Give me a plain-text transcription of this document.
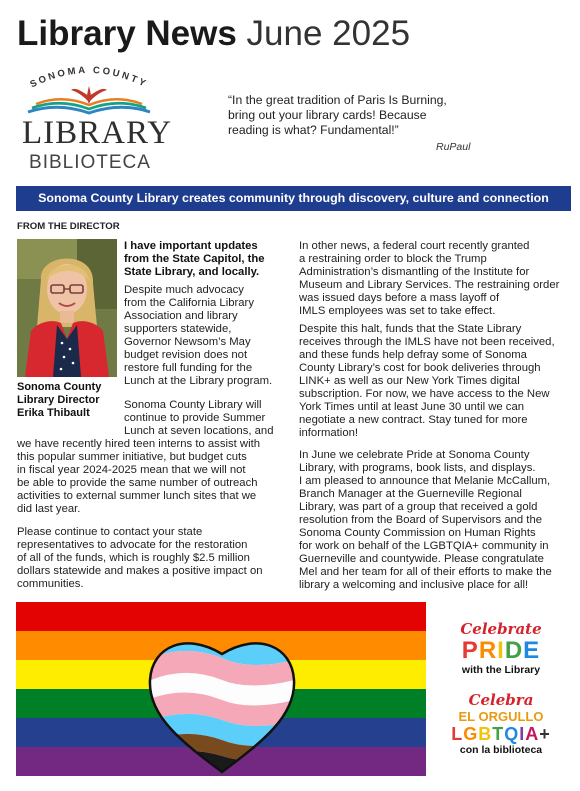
Library News June 2025
SONOMA COUNTY
LIBRARY
BIBLIOTECA
“In the great tradition of Paris Is Burning,
bring out your library cards! Because
reading is what? Fundamental!”
RuPaul
Sonoma County Library creates community through discovery, culture and connection
FROM THE DIRECTOR
Sonoma County
Library Director
Erika Thibault
I have important updates
from the State Capitol, the
State Library, and locally.
Despite much advocacy
from the California Library
Association and library
supporters statewide,
Governor Newsom’s May
budget revision does not
restore full funding for the
Lunch at the Library program.
Sonoma County Library will
continue to provide Summer
Lunch at seven locations, and
we have recently hired teen interns to assist with
this popular summer initiative, but budget cuts
in fiscal year 2024-2025 mean that we will not
be able to provide the same number of outreach
activities to external summer lunch sites that we
did last year.
Please continue to contact your state
representatives to advocate for the restoration
of all of the funds, which is roughly $2.5 million
dollars statewide and makes a positive impact on
communities.
In other news, a federal court recently granted
a restraining order to block the Trump
Administration’s dismantling of the Institute for
Museum and Library Services. The restraining order
was issued days before a mass layoff of
IMLS employees was set to take effect.
Despite this halt, funds that the State Library
receives through the IMLS have not been received,
and these funds help defray some of Sonoma
County Library’s cost for book deliveries through
LINK+ as well as our New York Times digital
subscription. For now, we have access to the New
York Times until at least June 30 until we can
negotiate a new contract. Stay tuned for more
information!
In June we celebrate Pride at Sonoma County
Library, with programs, book lists, and displays.
I am pleased to announce that Melanie McCallum,
Branch Manager at the Guerneville Regional
Library, was part of a group that received a gold
resolution from the Board of Supervisors and the
Sonoma County Commission on Human Rights
for work on behalf of the LGBTQIA+ community in
Guerneville and countywide. Please congratulate
Mel and her team for all of their efforts to make the
library a welcoming and inclusive place for all!
Celebrate
PRIDE
with the Library
Celebra
EL ORGULLO
LGBTQIA+
con la biblioteca
